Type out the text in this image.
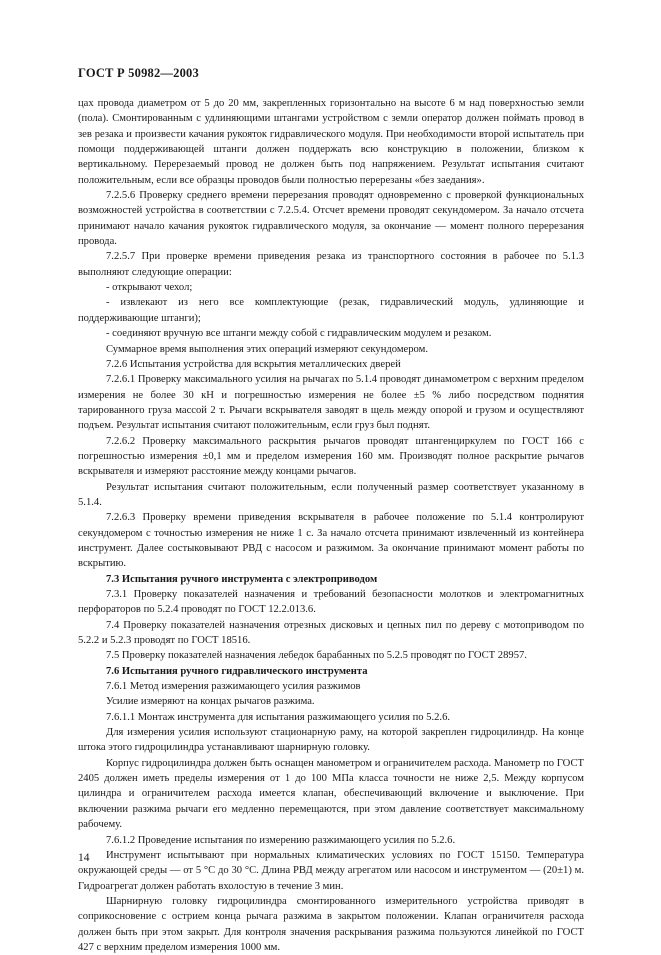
ГОСТ Р 50982—2003

цах провода диаметром от 5 до 20 мм, закрепленных горизонтально на высоте 6 м над поверхностью земли (пола). Смонтированным с удлиняющими штангами устройством с земли оператор должен поймать провод в зев резака и произвести качания рукояток гидравлического модуля. При необходимости второй испытатель при помощи поддерживающей штанги должен поддержать всю конструкцию в положении, близком к вертикальному. Перерезаемый провод не должен быть под напряжением. Результат испытания считают положительным, если все образцы проводов были полностью перерезаны «без заедания».

7.2.5.6 Проверку среднего времени перерезания проводят одновременно с проверкой функциональных возможностей устройства в соответствии с 7.2.5.4. Отсчет времени проводят секундомером. За начало отсчета принимают начало качания рукояток гидравлического модуля, за окончание — момент полного перерезания провода.

7.2.5.7 При проверке времени приведения резака из транспортного состояния в рабочее по 5.1.3 выполняют следующие операции:

- открывают чехол;

- извлекают из него все комплектующие (резак, гидравлический модуль, удлиняющие и поддерживающие штанги);

- соединяют вручную все штанги между собой с гидравлическим модулем и резаком.

Суммарное время выполнения этих операций измеряют секундомером.

7.2.6 Испытания устройства для вскрытия металлических дверей

7.2.6.1 Проверку максимального усилия на рычагах по 5.1.4 проводят динамометром с верхним пределом измерения не более 30 кН и погрешностью измерения не более ±5 % либо посредством поднятия тарированного груза массой 2 т. Рычаги вскрывателя заводят в щель между опорой и грузом и осуществляют подъем. Результат испытания считают положительным, если груз был поднят.

7.2.6.2 Проверку максимального раскрытия рычагов проводят штангенциркулем по ГОСТ 166 с погрешностью измерения ±0,1 мм и пределом измерения 160 мм. Производят полное раскрытие рычагов вскрывателя и измеряют расстояние между концами рычагов.

Результат испытания считают положительным, если полученный размер соответствует указанному в 5.1.4.

7.2.6.3 Проверку времени приведения вскрывателя в рабочее положение по 5.1.4 контролируют секундомером с точностью измерения не ниже 1 с. За начало отсчета принимают извлеченный из контейнера инструмент. Далее состыковывают РВД с насосом и разжимом. За окончание принимают момент работы по вскрытию.

7.3 Испытания ручного инструмента с электроприводом

7.3.1 Проверку показателей назначения и требований безопасности молотков и электромагнитных перфораторов по 5.2.4 проводят по ГОСТ 12.2.013.6.

7.4 Проверку показателей назначения отрезных дисковых и цепных пил по дереву с мотоприводом по 5.2.2 и 5.2.3 проводят по ГОСТ 18516.

7.5 Проверку показателей назначения лебедок барабанных по 5.2.5 проводят по ГОСТ 28957.

7.6 Испытания ручного гидравлического инструмента

7.6.1 Метод измерения разжимающего усилия разжимов

Усилие измеряют на концах рычагов разжима.

7.6.1.1 Монтаж инструмента для испытания разжимающего усилия по 5.2.6.

Для измерения усилия используют стационарную раму, на которой закреплен гидроцилиндр. На конце штока этого гидроцилиндра устанавливают шарнирную головку.

Корпус гидроцилиндра должен быть оснащен манометром и ограничителем расхода. Манометр по ГОСТ 2405 должен иметь пределы измерения от 1 до 100 МПа класса точности не ниже 2,5. Между корпусом цилиндра и ограничителем расхода имеется клапан, обеспечивающий включение и выключение. При включении разжима рычаги его медленно перемещаются, при этом давление соответствует максимальному рабочему.

7.6.1.2 Проведение испытания по измерению разжимающего усилия по 5.2.6.

Инструмент испытывают при нормальных климатических условиях по ГОСТ 15150. Температура окружающей среды — от 5 °С до 30 °С. Длина РВД между агрегатом или насосом и инструментом — (20±1) м. Гидроагрегат должен работать вхолостую в течение 3 мин.

Шарнирную головку гидроцилиндра смонтированного измерительного устройства приводят в соприкосновение с острием конца рычага разжима в закрытом положении. Клапан ограничителя расхода должен быть при этом закрыт. Для контроля значения раскрывания разжима пользуются линейкой по ГОСТ 427 с верхним пределом измерения 1000 мм.

14
